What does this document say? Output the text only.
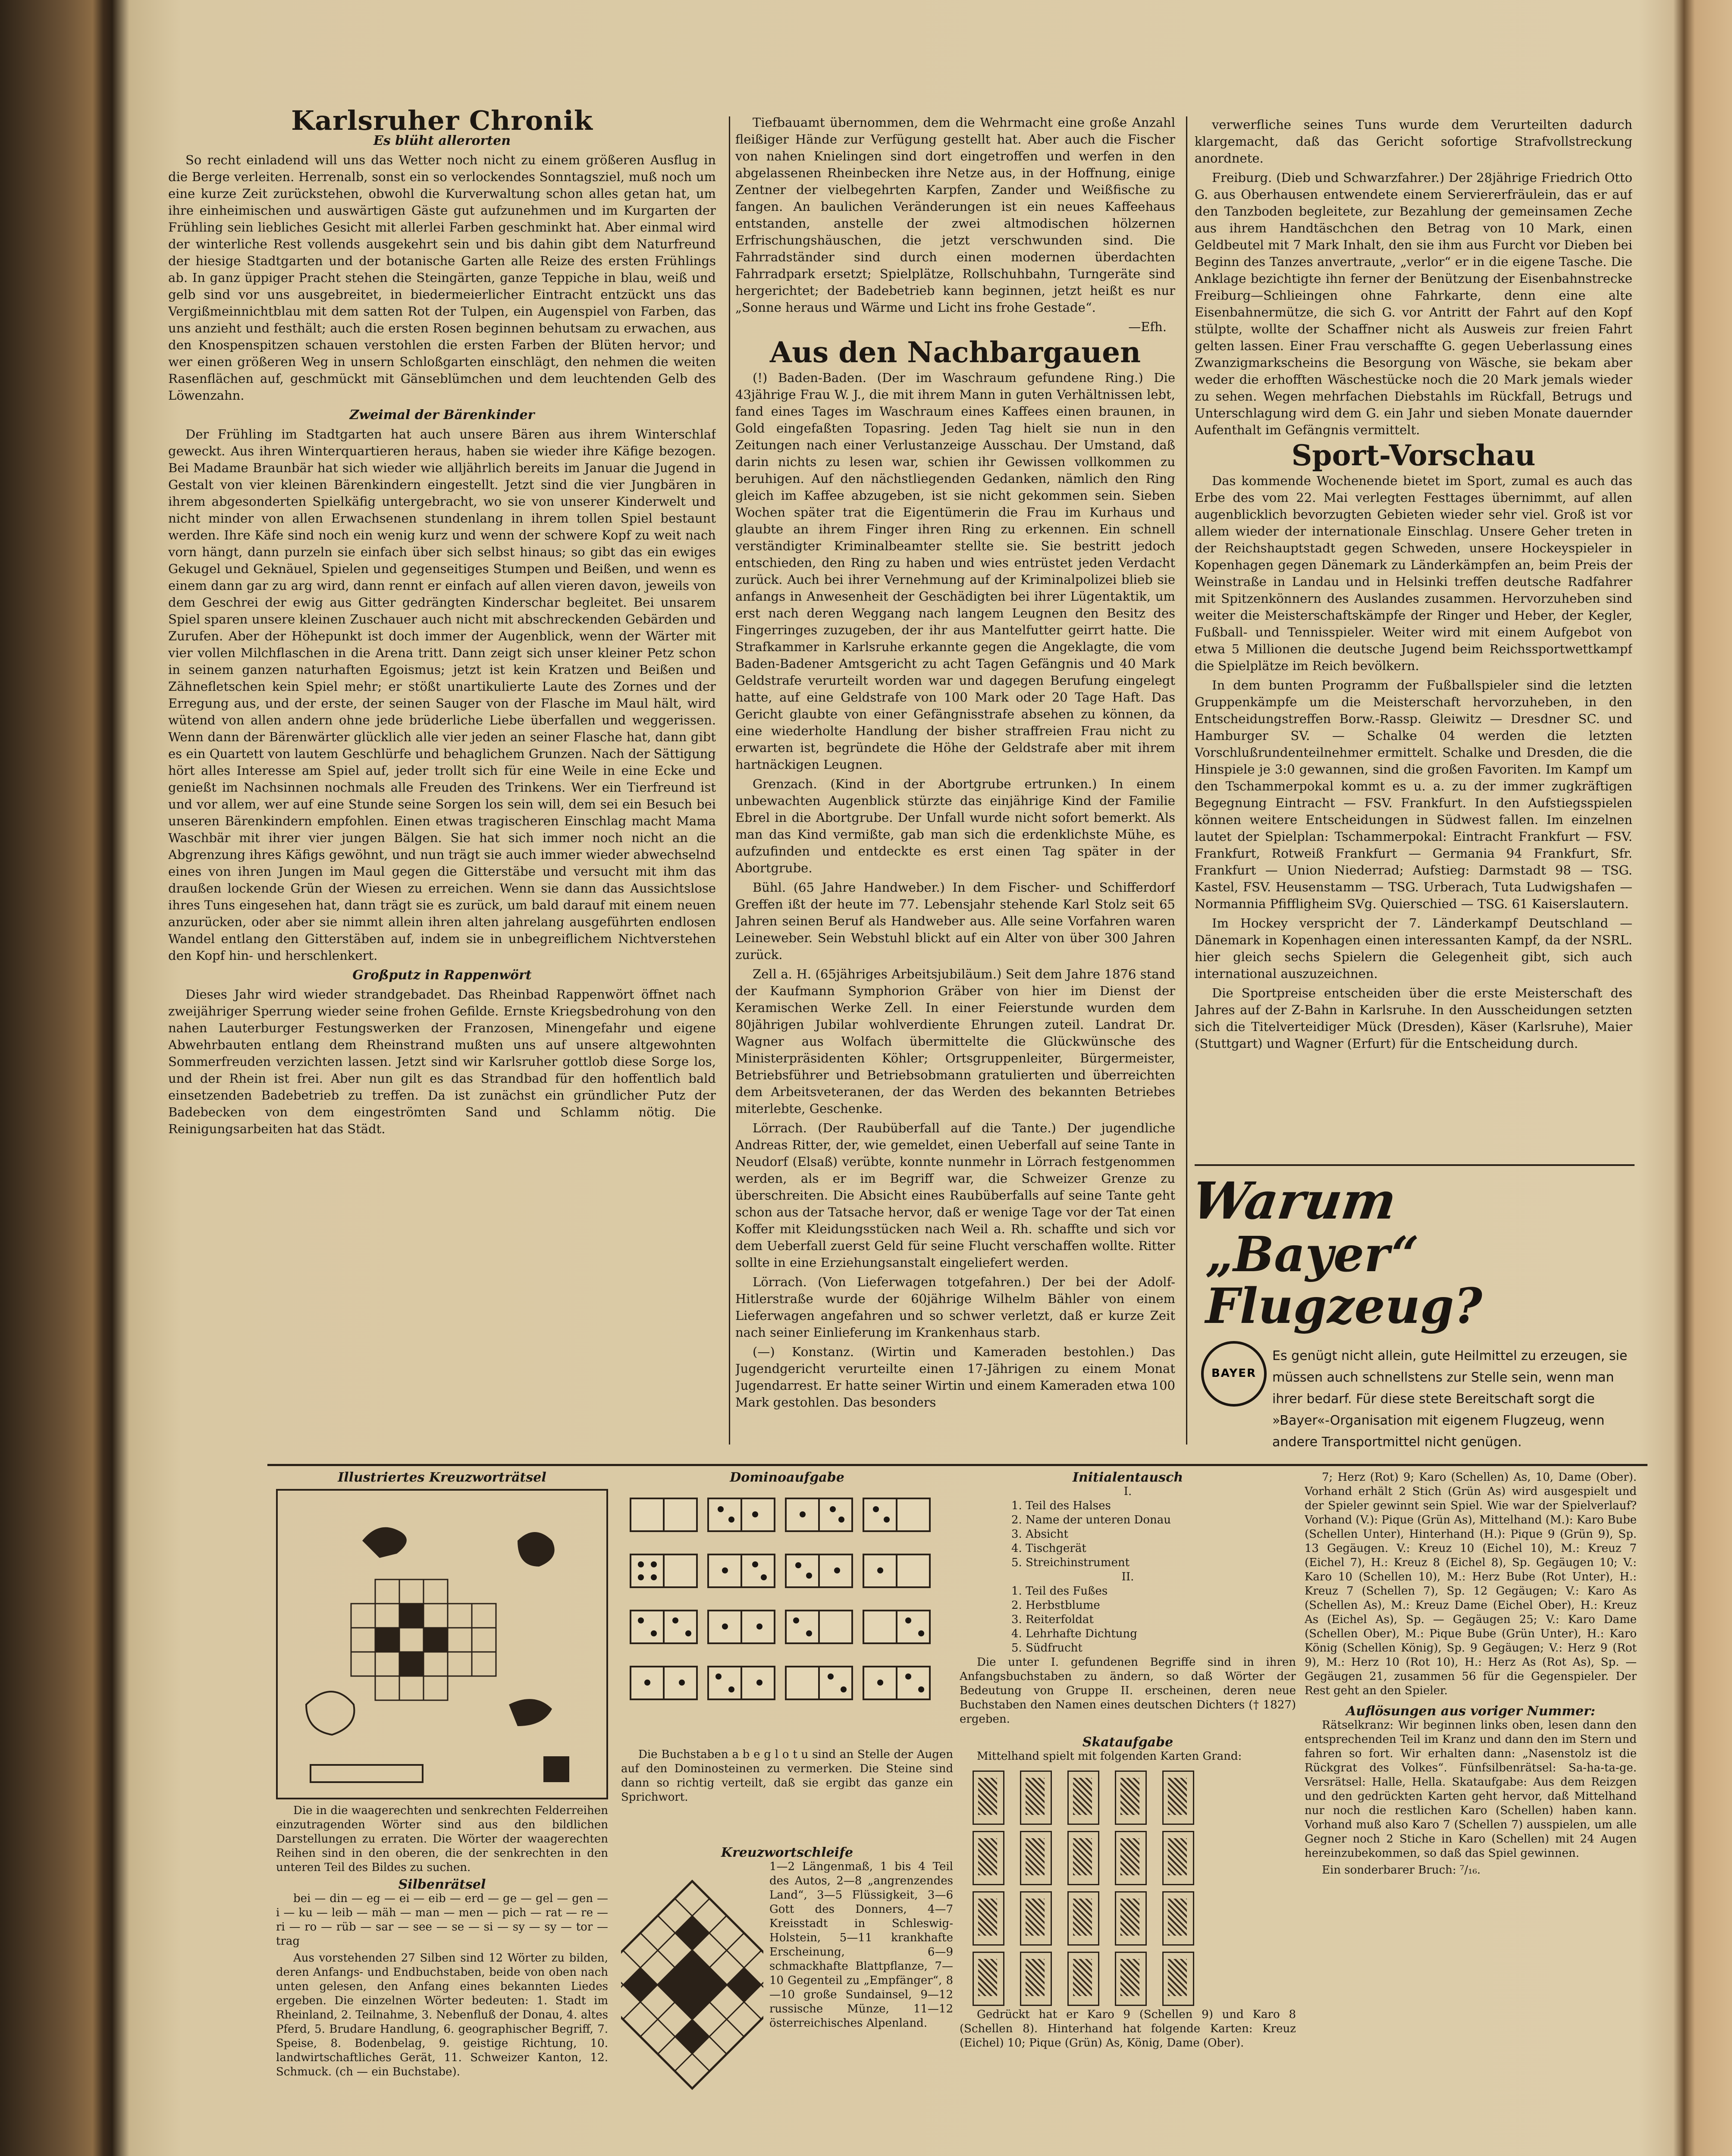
Karlsruher Chronik
Es blüht allerorten

So recht einladend will uns das Wetter noch nicht zu einem größeren Ausflug in die Berge verleiten. Herrenalb, sonst ein so verlockendes Sonntagsziel, muß noch um eine kurze Zeit zurückstehen, obwohl die Kurverwaltung schon alles getan hat, um ihre einheimischen und auswärtigen Gäste gut aufzunehmen und im Kurgarten der Frühling sein liebliches Gesicht mit allerlei Farben geschminkt hat. Aber einmal wird der winterliche Rest vollends ausgekehrt sein und bis dahin gibt dem Naturfreund der hiesige Stadtgarten und der botanische Garten alle Reize des ersten Frühlings ab. In ganz üppiger Pracht stehen die Steingärten, ganze Teppiche in blau, weiß und gelb sind vor uns ausgebreitet, in biedermeierlicher Eintracht entzückt uns das Vergißmeinnichtblau mit dem satten Rot der Tulpen, ein Augenspiel von Farben, das uns anzieht und festhält; auch die ersten Rosen beginnen behutsam zu erwachen, aus den Knospenspitzen schauen verstohlen die ersten Farben der Blüten hervor; und wer einen größeren Weg in unsern Schloßgarten einschlägt, den nehmen die weiten Rasenflächen auf, geschmückt mit Gänseblümchen und dem leuchtenden Gelb des Löwenzahn.

Zweimal der Bärenkinder

Der Frühling im Stadtgarten hat auch unsere Bären aus ihrem Winterschlaf geweckt. Aus ihren Winterquartieren heraus, haben sie wieder ihre Käfige bezogen. Bei Madame Braunbär hat sich wieder wie alljährlich bereits im Januar die Jugend in Gestalt von vier kleinen Bärenkindern eingestellt. Jetzt sind die vier Jungbären in ihrem abgesonderten Spielkäfig untergebracht, wo sie von unserer Kinderwelt und nicht minder von allen Erwachsenen stundenlang in ihrem tollen Spiel bestaunt werden. Ihre Käfe sind noch ein wenig kurz und wenn der schwere Kopf zu weit nach vorn hängt, dann purzeln sie einfach über sich selbst hinaus; so gibt das ein ewiges Gekugel und Geknäuel, Spielen und gegenseitiges Stumpen und Beißen, und wenn es einem dann gar zu arg wird, dann rennt er einfach auf allen vieren davon, jeweils von dem Geschrei der ewig aus Gitter gedrängten Kinderschar begleitet. Bei unsarem Spiel sparen unsere kleinen Zuschauer auch nicht mit abschreckenden Gebärden und Zurufen. Aber der Höhepunkt ist doch immer der Augenblick, wenn der Wärter mit vier vollen Milchflaschen in die Arena tritt. Dann zeigt sich unser kleiner Petz schon in seinem ganzen naturhaften Egoismus; jetzt ist kein Kratzen und Beißen und Zähnefletschen kein Spiel mehr; er stößt unartikulierte Laute des Zornes und der Erregung aus, und der erste, der seinen Sauger von der Flasche im Maul hält, wird wütend von allen andern ohne jede brüderliche Liebe überfallen und weggerissen. Wenn dann der Bärenwärter glücklich alle vier jeden an seiner Flasche hat, dann gibt es ein Quartett von lautem Geschlürfe und behaglichem Grunzen. Nach der Sättigung hört alles Interesse am Spiel auf, jeder trollt sich für eine Weile in eine Ecke und genießt im Nachsinnen nochmals alle Freuden des Trinkens. Wer ein Tierfreund ist und vor allem, wer auf eine Stunde seine Sorgen los sein will, dem sei ein Besuch bei unseren Bärenkindern empfohlen. Einen etwas tragischeren Einschlag macht Mama Waschbär mit ihrer vier jungen Bälgen. Sie hat sich immer noch nicht an die Abgrenzung ihres Käfigs gewöhnt, und nun trägt sie auch immer wieder abwechselnd eines von ihren Jungen im Maul gegen die Gitterstäbe und versucht mit ihm das draußen lockende Grün der Wiesen zu erreichen. Wenn sie dann das Aussichtslose ihres Tuns eingesehen hat, dann trägt sie es zurück, um bald darauf mit einem neuen anzurücken, oder aber sie nimmt allein ihren alten jahrelang ausgeführten endlosen Wandel entlang den Gitterstäben auf, indem sie in unbegreiflichem Nichtverstehen den Kopf hin- und herschlenkert.

Großputz in Rappenwört

Dieses Jahr wird wieder strandgebadet. Das Rheinbad Rappenwört öffnet nach zweijähriger Sperrung wieder seine frohen Gefilde. Ernste Kriegsbedrohung von den nahen Lauterburger Festungswerken der Franzosen, Minengefahr und eigene Abwehrbauten entlang dem Rheinstrand mußten uns auf unsere altgewohnten Sommerfreuden verzichten lassen. Jetzt sind wir Karlsruher gottlob diese Sorge los, und der Rhein ist frei. Aber nun gilt es das Strandbad für den hoffentlich bald einsetzenden Badebetrieb zu treffen. Da ist zunächst ein gründlicher Putz der Badebecken von dem eingeströmten Sand und Schlamm nötig. Die Reinigungsarbeiten hat das Städt.

Tiefbauamt übernommen, dem die Wehrmacht eine große Anzahl fleißiger Hände zur Verfügung gestellt hat. Aber auch die Fischer von nahen Knielingen sind dort eingetroffen und werfen in den abgelassenen Rheinbecken ihre Netze aus, in der Hoffnung, einige Zentner der vielbegehrten Karpfen, Zander und Weißfische zu fangen. An baulichen Veränderungen ist ein neues Kaffeehaus entstanden, anstelle der zwei altmodischen hölzernen Erfrischungshäuschen, die jetzt verschwunden sind. Die Fahrradständer sind durch einen modernen überdachten Fahrradpark ersetzt; Spielplätze, Rollschuhbahn, Turngeräte sind hergerichtet; der Badebetrieb kann beginnen, jetzt heißt es nur „Sonne heraus und Wärme und Licht ins frohe Gestade“.

—Efh.
Aus den Nachbargauen

(!) Baden-Baden. (Der im Waschraum gefundene Ring.) Die 43jährige Frau W. J., die mit ihrem Mann in guten Verhältnissen lebt, fand eines Tages im Waschraum eines Kaffees einen braunen, in Gold eingefaßten Topasring. Jeden Tag hielt sie nun in den Zeitungen nach einer Verlustanzeige Ausschau. Der Umstand, daß darin nichts zu lesen war, schien ihr Gewissen vollkommen zu beruhigen. Auf den nächstliegenden Gedanken, nämlich den Ring gleich im Kaffee abzugeben, ist sie nicht gekommen sein. Sieben Wochen später trat die Eigentümerin die Frau im Kurhaus und glaubte an ihrem Finger ihren Ring zu erkennen. Ein schnell verständigter Kriminalbeamter stellte sie. Sie bestritt jedoch entschieden, den Ring zu haben und wies entrüstet jeden Verdacht zurück. Auch bei ihrer Vernehmung auf der Kriminalpolizei blieb sie anfangs in Anwesenheit der Geschädigten bei ihrer Lügentaktik, um erst nach deren Weggang nach langem Leugnen den Besitz des Fingerringes zuzugeben, der ihr aus Mantelfutter geirrt hatte. Die Strafkammer in Karlsruhe erkannte gegen die Angeklagte, die vom Baden-Badener Amtsgericht zu acht Tagen Gefängnis und 40 Mark Geldstrafe verurteilt worden war und dagegen Berufung eingelegt hatte, auf eine Geldstrafe von 100 Mark oder 20 Tage Haft. Das Gericht glaubte von einer Gefängnisstrafe absehen zu können, da eine wiederholte Handlung der bisher straffreien Frau nicht zu erwarten ist, begründete die Höhe der Geldstrafe aber mit ihrem hartnäckigen Leugnen.

Grenzach. (Kind in der Abortgrube ertrunken.) In einem unbewachten Augenblick stürzte das einjährige Kind der Familie Ebrel in die Abortgrube. Der Unfall wurde nicht sofort bemerkt. Als man das Kind vermißte, gab man sich die erdenklichste Mühe, es aufzufinden und entdeckte es erst einen Tag später in der Abortgrube.

Bühl. (65 Jahre Handweber.) In dem Fischer- und Schifferdorf Greffen ißt der heute im 77. Lebensjahr stehende Karl Stolz seit 65 Jahren seinen Beruf als Handweber aus. Alle seine Vorfahren waren Leineweber. Sein Webstuhl blickt auf ein Alter von über 300 Jahren zurück.

Zell a. H. (65jähriges Arbeitsjubiläum.) Seit dem Jahre 1876 stand der Kaufmann Symphorion Gräber von hier im Dienst der Keramischen Werke Zell. In einer Feierstunde wurden dem 80jährigen Jubilar wohlverdiente Ehrungen zuteil. Landrat Dr. Wagner aus Wolfach übermittelte die Glückwünsche des Ministerpräsidenten Köhler; Ortsgruppenleiter, Bürgermeister, Betriebsführer und Betriebsobmann gratulierten und überreichten dem Arbeitsveteranen, der das Werden des bekannten Betriebes miterlebte, Geschenke.

Lörrach. (Der Raubüberfall auf die Tante.) Der jugendliche Andreas Ritter, der, wie gemeldet, einen Ueberfall auf seine Tante in Neudorf (Elsaß) verübte, konnte nunmehr in Lörrach festgenommen werden, als er im Begriff war, die Schweizer Grenze zu überschreiten. Die Absicht eines Raubüberfalls auf seine Tante geht schon aus der Tatsache hervor, daß er wenige Tage vor der Tat einen Koffer mit Kleidungsstücken nach Weil a. Rh. schaffte und sich vor dem Ueberfall zuerst Geld für seine Flucht verschaffen wollte. Ritter sollte in eine Erziehungsanstalt eingeliefert werden.

Lörrach. (Von Lieferwagen totgefahren.) Der bei der Adolf-Hitlerstraße wurde der 60jährige Wilhelm Bähler von einem Lieferwagen angefahren und so schwer verletzt, daß er kurze Zeit nach seiner Einlieferung im Krankenhaus starb.

(—) Konstanz. (Wirtin und Kameraden bestohlen.) Das Jugendgericht verurteilte einen 17-Jährigen zu einem Monat Jugendarrest. Er hatte seiner Wirtin und einem Kameraden etwa 100 Mark gestohlen. Das besonders

verwerfliche seines Tuns wurde dem Verurteilten dadurch klargemacht, daß das Gericht sofortige Strafvollstreckung anordnete.

Freiburg. (Dieb und Schwarzfahrer.) Der 28jährige Friedrich Otto G. aus Oberhausen entwendete einem Serviererfräulein, das er auf den Tanzboden begleitete, zur Bezahlung der gemeinsamen Zeche aus ihrem Handtäschchen den Betrag von 10 Mark, einen Geldbeutel mit 7 Mark Inhalt, den sie ihm aus Furcht vor Dieben bei Beginn des Tanzes anvertraute, „verlor“ er in die eigene Tasche. Die Anklage bezichtigte ihn ferner der Benützung der Eisenbahnstrecke Freiburg—Schlieingen ohne Fahrkarte, denn eine alte Eisenbahnermütze, die sich G. vor Antritt der Fahrt auf den Kopf stülpte, wollte der Schaffner nicht als Ausweis zur freien Fahrt gelten lassen. Einer Frau verschaffte G. gegen Ueberlassung eines Zwanzigmarkscheins die Besorgung von Wäsche, sie bekam aber weder die erhofften Wäschestücke noch die 20 Mark jemals wieder zu sehen. Wegen mehrfachen Diebstahls im Rückfall, Betrugs und Unterschlagung wird dem G. ein Jahr und sieben Monate dauernder Aufenthalt im Gefängnis vermittelt.

Sport-Vorschau

Das kommende Wochenende bietet im Sport, zumal es auch das Erbe des vom 22. Mai verlegten Festtages übernimmt, auf allen augenblicklich bevorzugten Gebieten wieder sehr viel. Groß ist vor allem wieder der internationale Einschlag. Unsere Geher treten in der Reichshauptstadt gegen Schweden, unsere Hockeyspieler in Kopenhagen gegen Dänemark zu Länderkämpfen an, beim Preis der Weinstraße in Landau und in Helsinki treffen deutsche Radfahrer mit Spitzenkönnern des Auslandes zusammen. Hervorzuheben sind weiter die Meisterschaftskämpfe der Ringer und Heber, der Kegler, Fußball- und Tennisspieler. Weiter wird mit einem Aufgebot von etwa 5 Millionen die deutsche Jugend beim Reichssportwettkampf die Spielplätze im Reich bevölkern.

In dem bunten Programm der Fußballspieler sind die letzten Gruppenkämpfe um die Meisterschaft hervorzuheben, in den Entscheidungstreffen Borw.-Rassp. Gleiwitz — Dresdner SC. und Hamburger SV. — Schalke 04 werden die letzten Vorschlußrundenteilnehmer ermittelt. Schalke und Dresden, die die Hinspiele je 3:0 gewannen, sind die großen Favoriten. Im Kampf um den Tschammerpokal kommt es u. a. zu der immer zugkräftigen Begegnung Eintracht — FSV. Frankfurt. In den Aufstiegsspielen können weitere Entscheidungen in Südwest fallen. Im einzelnen lautet der Spielplan: Tschammerpokal: Eintracht Frankfurt — FSV. Frankfurt, Rotweiß Frankfurt — Germania 94 Frankfurt, Sfr. Frankfurt — Union Niederrad; Aufstieg: Darmstadt 98 — TSG. Kastel, FSV. Heusenstamm — TSG. Urberach, Tuta Ludwigshafen — Normannia Pfiffligheim SVg. Quierschied — TSG. 61 Kaiserslautern.

Im Hockey verspricht der 7. Länderkampf Deutschland — Dänemark in Kopenhagen einen interessanten Kampf, da der NSRL. hier gleich sechs Spielern die Gelegenheit gibt, sich auch international auszuzeichnen.

Die Sportpreise entscheiden über die erste Meisterschaft des Jahres auf der Z-Bahn in Karlsruhe. In den Ausscheidungen setzten sich die Titelverteidiger Mück (Dresden), Käser (Karlsruhe), Maier (Stuttgart) und Wagner (Erfurt) für die Entscheidung durch.

Warum
„Bayer“ Flugzeug?
BAYER
Es genügt nicht allein, gute Heilmittel zu erzeugen, sie müssen auch schnellstens zur Stelle sein, wenn man ihrer bedarf. Für diese stete Bereitschaft sorgt die »Bayer«-Organisation mit eigenem Flugzeug, wenn andere Transportmittel nicht genügen.
Illustriertes Kreuzworträtsel

Die in die waagerechten und senkrechten Felderreihen einzutragenden Wörter sind aus den bildlichen Darstellungen zu erraten. Die Wörter der waagerechten Reihen sind in den oberen, die der senkrechten in den unteren Teil des Bildes zu suchen.

Silbenrätsel

bei — din — eg — ei — eib — erd — ge — gel — gen — i — ku — leib — mäh — man — men — pich — rat — re — ri — ro — rüb — sar — see — se — si — sy — sy — tor — trag

Aus vorstehenden 27 Silben sind 12 Wörter zu bilden, deren Anfangs- und Endbuchstaben, beide von oben nach unten gelesen, den Anfang eines bekannten Liedes ergeben. Die einzelnen Wörter bedeuten: 1. Stadt im Rheinland, 2. Teilnahme, 3. Nebenfluß der Donau, 4. altes Pferd, 5. Brudare Handlung, 6. geographischer Begriff, 7. Speise, 8. Bodenbelag, 9. geistige Richtung, 10. landwirtschaftliches Gerät, 11. Schweizer Kanton, 12. Schmuck. (ch — ein Buchstabe).

Dominoaufgabe

Die Buchstaben a b e g l o t u sind an Stelle der Augen auf den Dominosteinen zu vermerken. Die Steine sind dann so richtig verteilt, daß sie ergibt das ganze ein Sprichwort.

Kreuzwortschleife

1—2 Längenmaß, 1 bis 4 Teil des Autos, 2—8 „angrenzendes Land“, 3—5 Flüssigkeit, 3—6 Gott des Donners, 4—7 Kreisstadt in Schleswig-Holstein, 5—11 krankhafte Erscheinung, 6—9 schmackhafte Blattpflanze, 7—10 Gegenteil zu „Empfänger“, 8—10 große Sundainsel, 9—12 russische Münze, 11—12 österreichisches Alpenland.

Initialentausch
I.
1. Teil des Halses
2. Name der unteren Donau
3. Absicht
4. Tischgerät
5. Streichinstrument
II.
1. Teil des Fußes
2. Herbstblume
3. Reiterfoldat
4. Lehrhafte Dichtung
5. Südfrucht

Die unter I. gefundenen Begriffe sind in ihren Anfangsbuchstaben zu ändern, so daß Wörter der Bedeutung von Gruppe II. erscheinen, deren neue Buchstaben den Namen eines deutschen Dichters († 1827) ergeben.

Skataufgabe

Mittelhand spielt mit folgenden Karten Grand:

Gedrückt hat er Karo 9 (Schellen 9) und Karo 8 (Schellen 8). Hinterhand hat folgende Karten: Kreuz (Eichel) 10; Pique (Grün) As, König, Dame (Ober).

7; Herz (Rot) 9; Karo (Schellen) As, 10, Dame (Ober). Vorhand erhält 2 Stich (Grün As) wird ausgespielt und der Spieler gewinnt sein Spiel. Wie war der Spielverlauf? Vorhand (V.): Pique (Grün As), Mittelhand (M.): Karo Bube (Schellen Unter), Hinterhand (H.): Pique 9 (Grün 9), Sp. 13 Gegäugen. V.: Kreuz 10 (Eichel 10), M.: Kreuz 7 (Eichel 7), H.: Kreuz 8 (Eichel 8), Sp. Gegäugen 10; V.: Karo 10 (Schellen 10), M.: Herz Bube (Rot Unter), H.: Kreuz 7 (Schellen 7), Sp. 12 Gegäugen; V.: Karo As (Schellen As), M.: Kreuz Dame (Eichel Ober), H.: Kreuz As (Eichel As), Sp. — Gegäugen 25; V.: Karo Dame (Schellen Ober), M.: Pique Bube (Grün Unter), H.: Karo König (Schellen König), Sp. 9 Gegäugen; V.: Herz 9 (Rot 9), M.: Herz 10 (Rot 10), H.: Herz As (Rot As), Sp. — Gegäugen 21, zusammen 56 für die Gegenspieler. Der Rest geht an den Spieler.

Auflösungen aus voriger Nummer:

Rätselkranz: Wir beginnen links oben, lesen dann den entsprechenden Teil im Kranz und dann den im Stern und fahren so fort. Wir erhalten dann: „Nasenstolz ist die Rückgrat des Volkes“. Fünfsilbenrätsel: Sa-ha-ta-ge. Versrätsel: Halle, Hella. Skataufgabe: Aus dem Reizgen und den gedrückten Karten geht hervor, daß Mittelhand nur noch die restlichen Karo (Schellen) haben kann. Vorhand muß also Karo 7 (Schellen 7) ausspielen, um alle Gegner noch 2 Stiche in Karo (Schellen) mit 24 Augen hereinzubekommen, so daß das Spiel gewinnen.

Ein sonderbarer Bruch: ⁷/₁₆.
